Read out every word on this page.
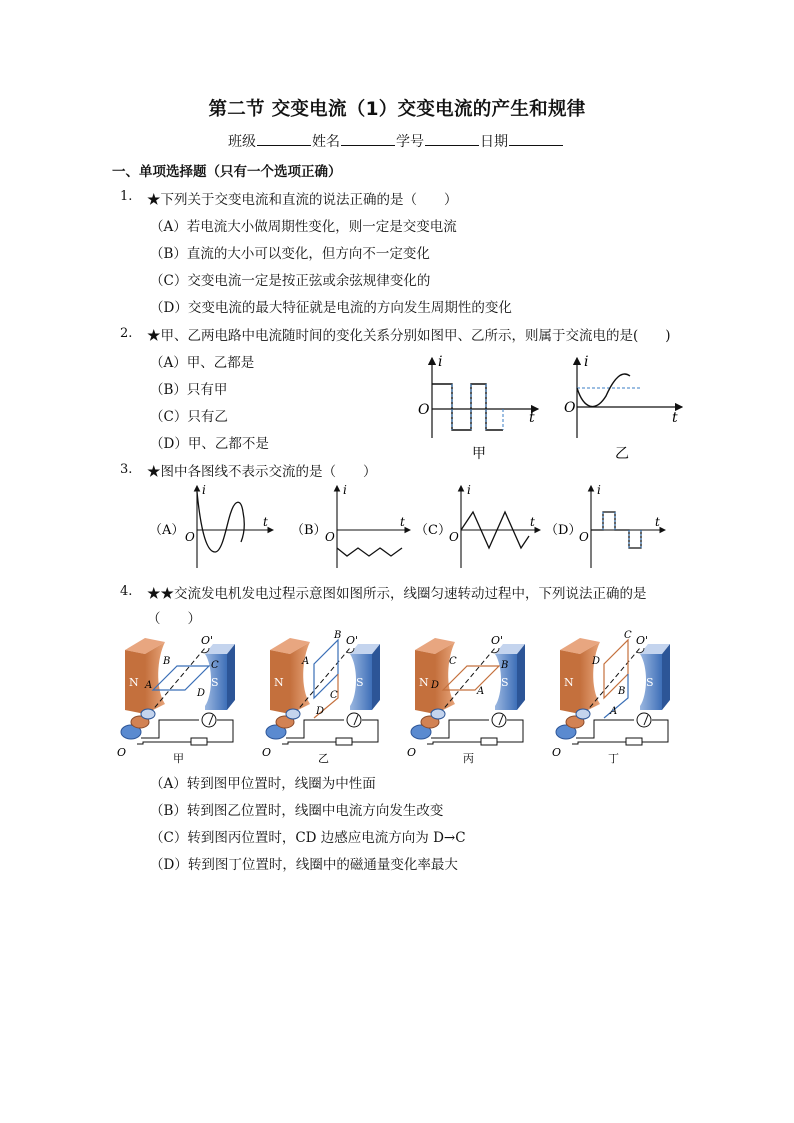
第二节 交变电流（1）交变电流的产生和规律
班级	姓名	学号	日期
一、单项选择题（只有一个选项正确）
1. ★下列关于交变电流和直流的说法正确的是（　　）
（A）若电流大小做周期性变化，则一定是交变电流
（B）直流的大小可以变化，但方向不一定变化
（C）交变电流一定是按正弦或余弦规律变化的
（D）交变电流的最大特征就是电流的方向发生周期性的变化
2. ★甲、乙两电路中电流随时间的变化关系分别如图甲、乙所示，则属于交流电的是(　　)
（A）甲、乙都是
（B）只有甲
（C）只有乙
（D）甲、乙都不是
i
t
O
甲
i
t
O
乙
3. ★图中各图线不表示交流的是（　　）
（A）
i
t
O	（B）
i
t
O	（C）
i
t
O	（D）
i
t
O
4. ★★交流发电机发电过程示意图如图所示，线圈匀速转动过程中，下列说法正确的是
（　　）
B
A
D
C
甲
B
A
C
D
乙
C
D
A
B
丙
C
D
B
A
丁
（A）转到图甲位置时，线圈为中性面
（B）转到图乙位置时，线圈中电流方向发生改变
（C）转到图丙位置时，CD 边感应电流方向为 D→C
（D）转到图丁位置时，线圈中的磁通量变化率最大
